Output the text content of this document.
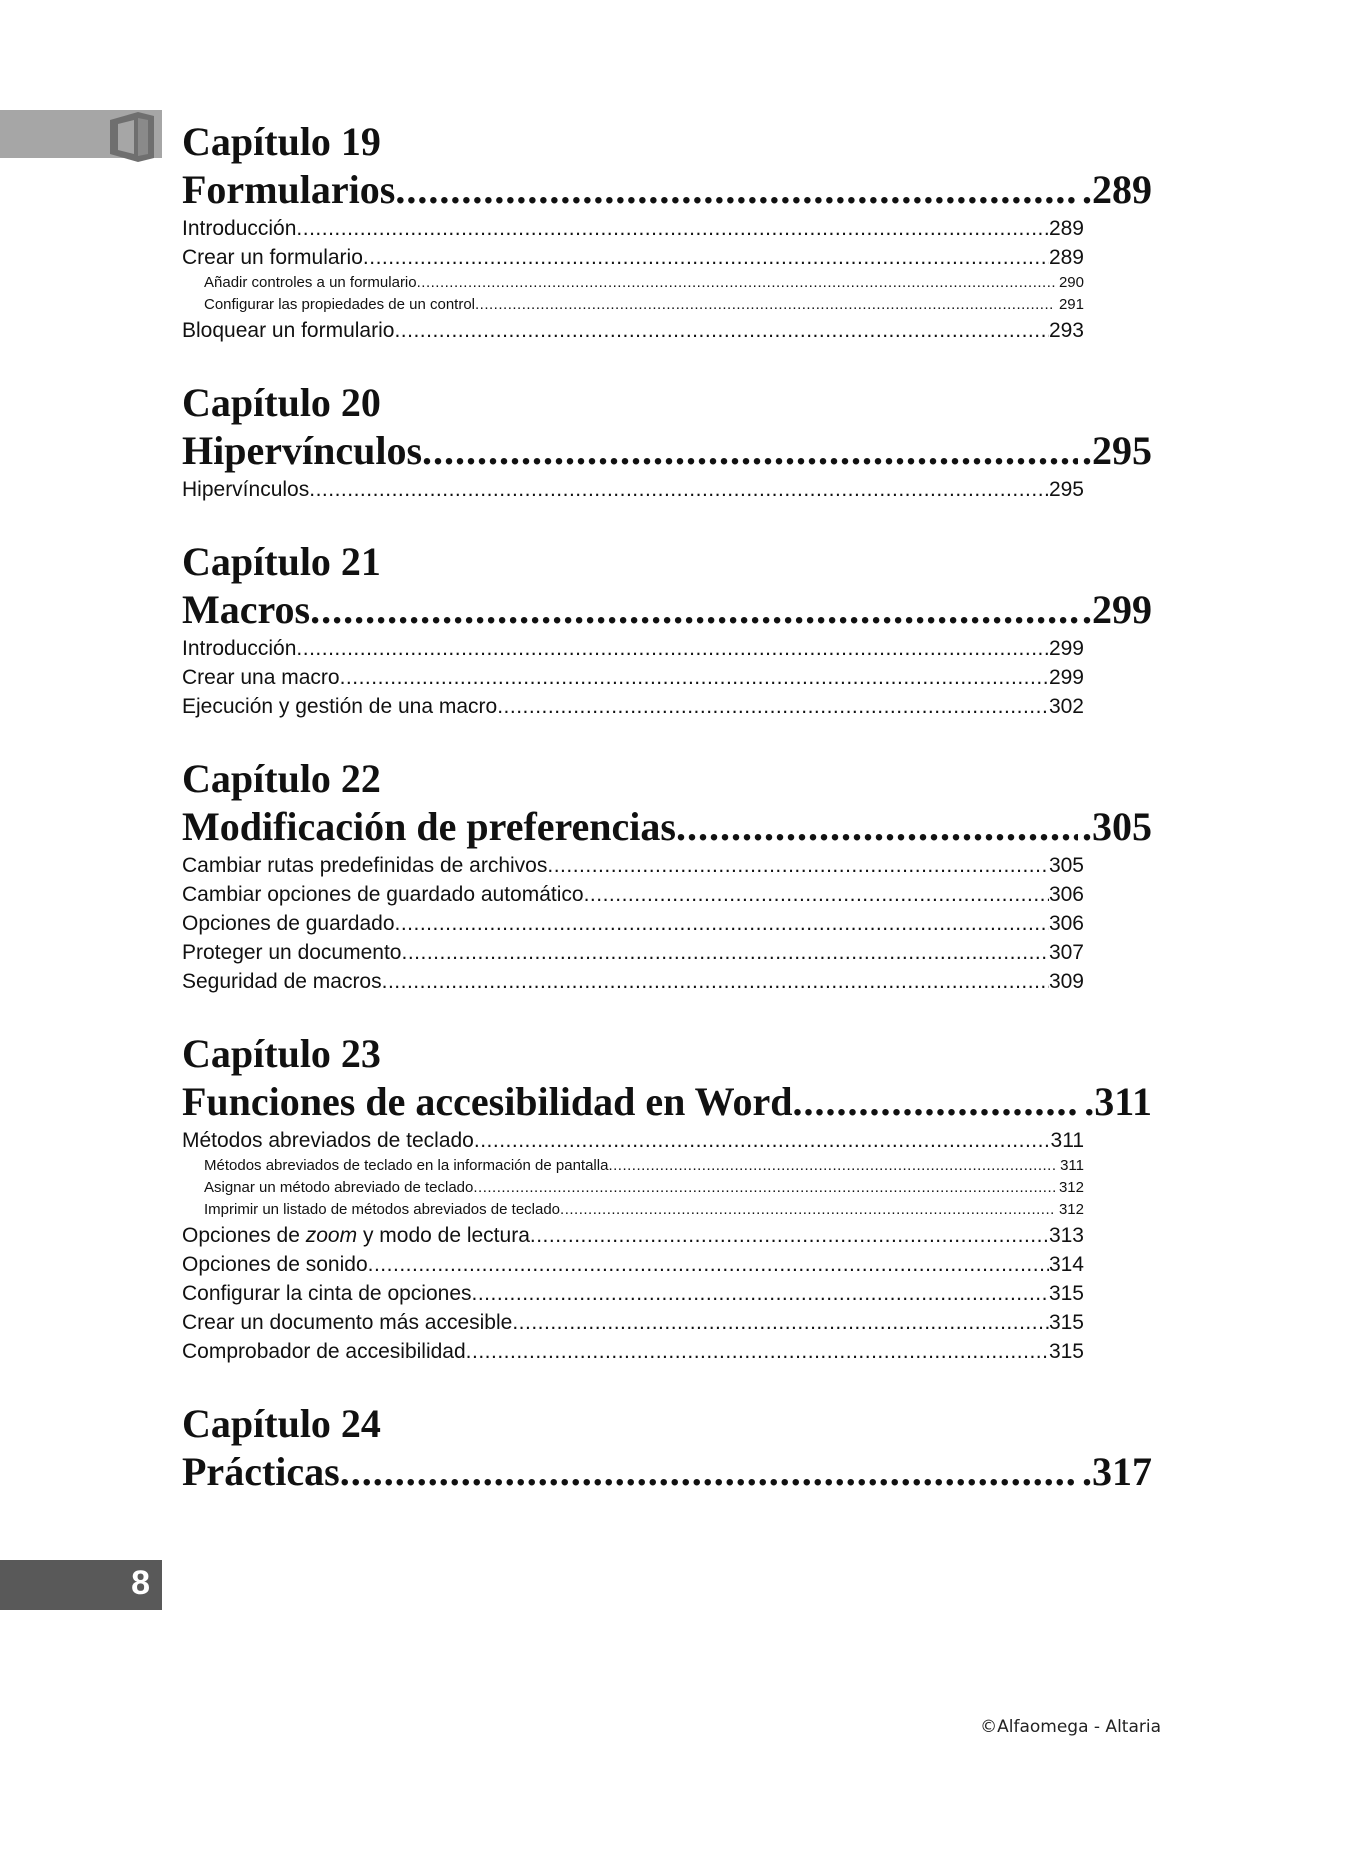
8
Capítulo 19
Formularios .....	. 289
Introducción .....	289
Crear un formulario .....	289
Añadir controles a un formulario .....	290
Configurar las propiedades de un control .....	291
Bloquear un formulario .....	293
Capítulo 20
Hipervínculos .....	. 295
Hipervínculos .....	295
Capítulo 21
Macros .....	. 299
Introducción .....	299
Crear una macro .....	299
Ejecución y gestión de una macro .....	302
Capítulo 22
Modificación de preferencias .....	. 305
Cambiar rutas predefinidas de archivos .....	305
Cambiar opciones de guardado automático .....	306
Opciones de guardado .....	306
Proteger un documento .....	307
Seguridad de macros .....	309
Capítulo 23
Funciones de accesibilidad en Word .....	. 311
Métodos abreviados de teclado .....	311
Métodos abreviados de teclado en la información de pantalla .....	311
Asignar un método abreviado de teclado .....	312
Imprimir un listado de métodos abreviados de teclado .....	312
Opciones de zoom y modo de lectura .....	313
Opciones de sonido .....	314
Configurar la cinta de opciones .....	315
Crear un documento más accesible .....	315
Comprobador de accesibilidad .....	315
Capítulo 24
Prácticas .....	. 317
©Alfaomega - Altaria
